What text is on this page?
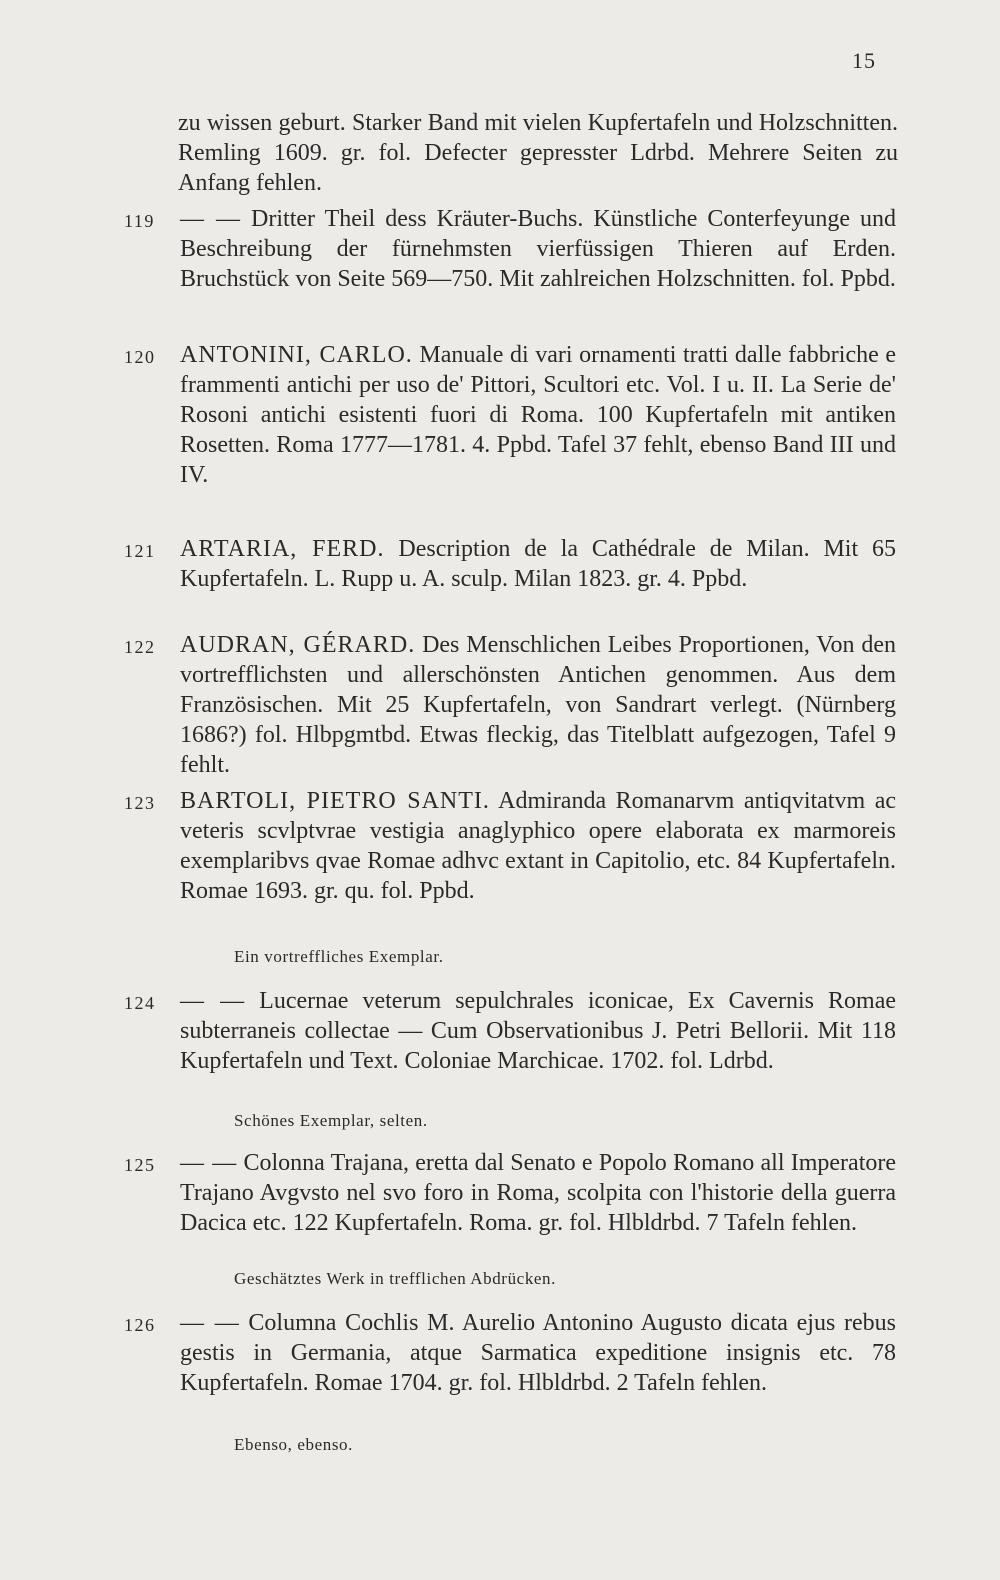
15
zu wissen geburt. Starker Band mit vielen Kupfertafeln und Holzschnitten. Remling 1609. gr. fol. Defecter gepresster Ldrbd. Mehrere Seiten zu Anfang fehlen.
119	— — Dritter Theil dess Kräuter-Buchs. Künstliche Conterfeyunge und Beschreibung der fürnehmsten vierfüssigen Thieren auf Erden. Bruchstück von Seite 569—750. Mit zahlreichen Holzschnitten. fol. Ppbd.
120	ANTONINI, CARLO. Manuale di vari ornamenti tratti dalle fabbriche e frammenti antichi per uso de' Pittori, Scultori etc. Vol. I u. II. La Serie de' Rosoni antichi esistenti fuori di Roma. 100 Kupfertafeln mit antiken Rosetten. Roma 1777—1781. 4. Ppbd. Tafel 37 fehlt, ebenso Band III und IV.
121	ARTARIA, FERD. Description de la Cathédrale de Milan. Mit 65 Kupfertafeln. L. Rupp u. A. sculp. Milan 1823. gr. 4. Ppbd.
122	AUDRAN, GÉRARD. Des Menschlichen Leibes Proportionen, Von den vortrefflichsten und allerschönsten Antichen genommen. Aus dem Französischen. Mit 25 Kupfertafeln, von Sandrart verlegt. (Nürnberg 1686?) fol. Hlbpgmtbd. Etwas fleckig, das Titelblatt aufgezogen, Tafel 9 fehlt.
123	BARTOLI, PIETRO SANTI. Admiranda Romanarvm antiqvitatvm ac veteris scvlptvrae vestigia anaglyphico opere elaborata ex marmoreis exemplaribvs qvae Romae adhvc extant in Capitolio, etc. 84 Kupfertafeln. Romae 1693. gr. qu. fol. Ppbd.
Ein vortreffliches Exemplar.
124	— — Lucernae veterum sepulchrales iconicae, Ex Cavernis Romae subterraneis collectae — Cum Observationibus J. Petri Bellorii. Mit 118 Kupfertafeln und Text. Coloniae Marchicae. 1702. fol. Ldrbd.
Schönes Exemplar, selten.
125	— — Colonna Trajana, eretta dal Senato e Popolo Romano all Imperatore Trajano Avgvsto nel svo foro in Roma, scolpita con l'historie della guerra Dacica etc. 122 Kupfertafeln. Roma. gr. fol. Hlbldrbd. 7 Tafeln fehlen.
Geschätztes Werk in trefflichen Abdrücken.
126	— — Columna Cochlis M. Aurelio Antonino Augusto dicata ejus rebus gestis in Germania, atque Sarmatica expeditione insignis etc. 78 Kupfertafeln. Romae 1704. gr. fol. Hlbldrbd. 2 Tafeln fehlen.
Ebenso, ebenso.
